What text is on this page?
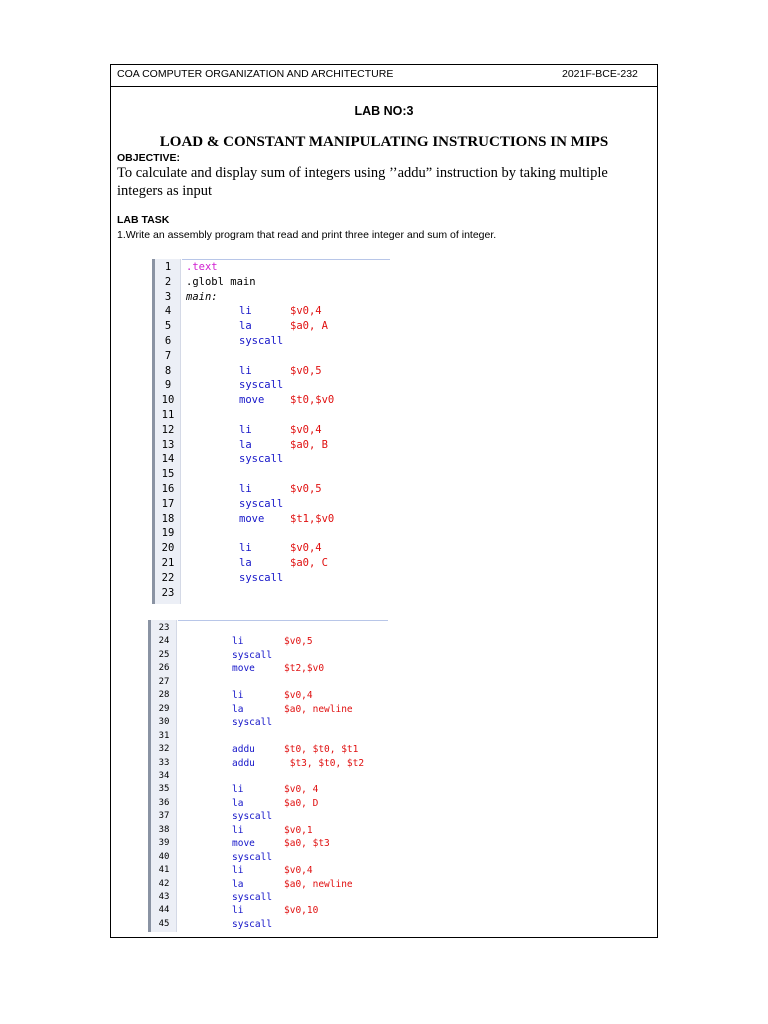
COA COMPUTER ORGANIZATION AND ARCHITECTURE	2021F-BCE-232
LAB NO:3
LOAD & CONSTANT MANIPULATING INSTRUCTIONS IN MIPS
OBJECTIVE:
To calculate and display sum of integers using ’’addu” instruction by taking multiple integers as input
LAB TASK
1.Write an assembly program that read and print three integer and sum of integer.
1	.text
2	.globl main
3	main:
4	li	$v0,4
5	la	$a0, A
6	syscall
7
8	li	$v0,5
9	syscall
10	move $t0,$v0
11
12	li	$v0,4
13	la	$a0, B
14	syscall
15
16	li	$v0,5
17	syscall
18	move $t1,$v0
19
20	li	$v0,4
21	la	$a0, C
22	syscall
23
23
24	li	$v0,5
25	syscall
26	move	$t2,$v0
27
28	li	$v0,4
29	la	$a0, newline
30	syscall
31
32	addu	$t0, $t0, $t1
33	addu	$t3, $t0, $t2
34
35	li	$v0, 4
36	la	$a0, D
37	syscall
38	li	$v0,1
39	move	$a0, $t3
40	syscall
41	li	$v0,4
42	la	$a0, newline
43	syscall
44	li	$v0,10
45	syscall
